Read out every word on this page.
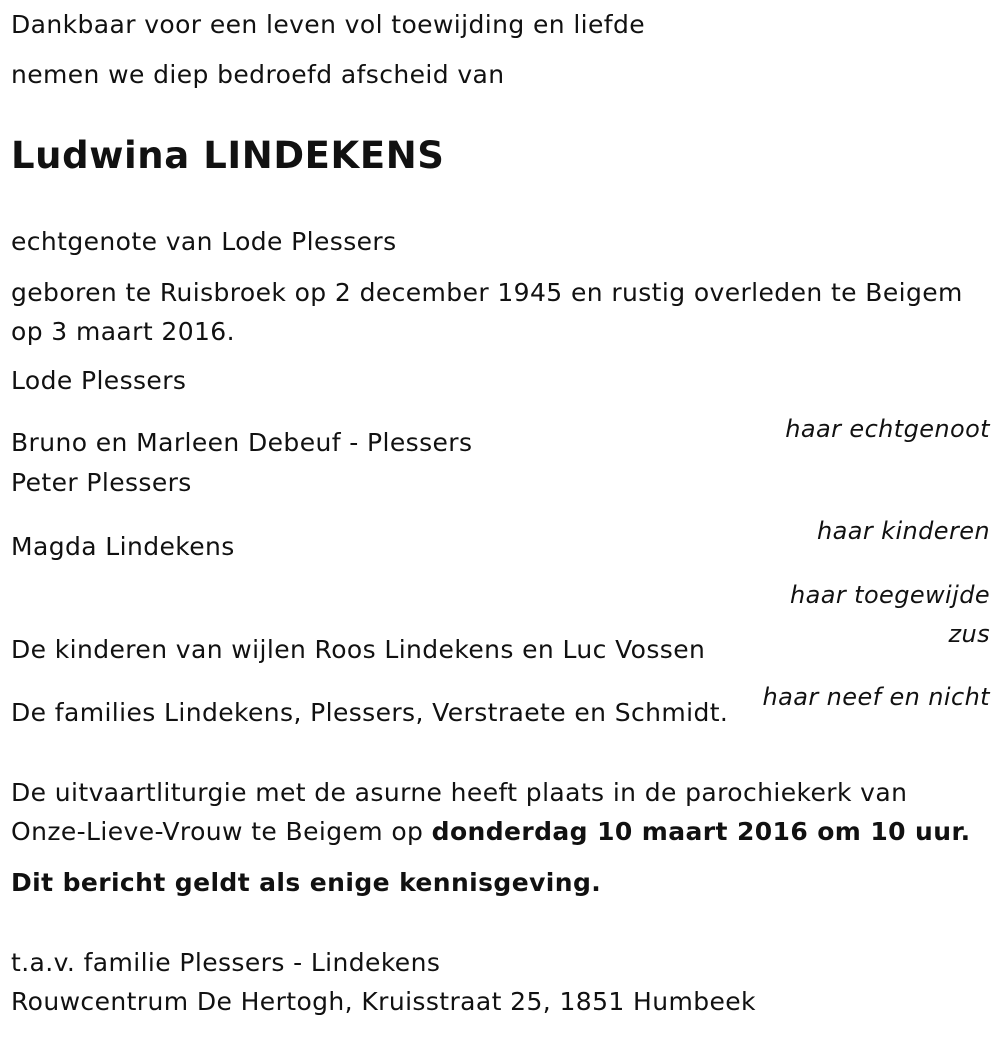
Dankbaar voor een leven vol toewijding en liefde

nemen we diep bedroefd afscheid van

Ludwina LINDEKENS

echtgenote van Lode Plessers

geboren te Ruisbroek op 2 december 1945 en rustig overleden te Beigem

op 3 maart 2016.

Lode Plessers

haar echtgenoot

Bruno en Marleen Debeuf - Plessers

Peter Plessers

haar kinderen

Magda Lindekens

haar toegewijde

zus

De kinderen van wijlen Roos Lindekens en Luc Vossen

haar neef en nicht

De families Lindekens, Plessers, Verstraete en Schmidt.

De uitvaartliturgie met de asurne heeft plaats in de parochiekerk van

Onze-Lieve-Vrouw te Beigem op donderdag 10 maart 2016 om 10 uur.

Dit bericht geldt als enige kennisgeving.

t.a.v. familie Plessers - Lindekens

Rouwcentrum De Hertogh, Kruisstraat 25, 1851 Humbeek
